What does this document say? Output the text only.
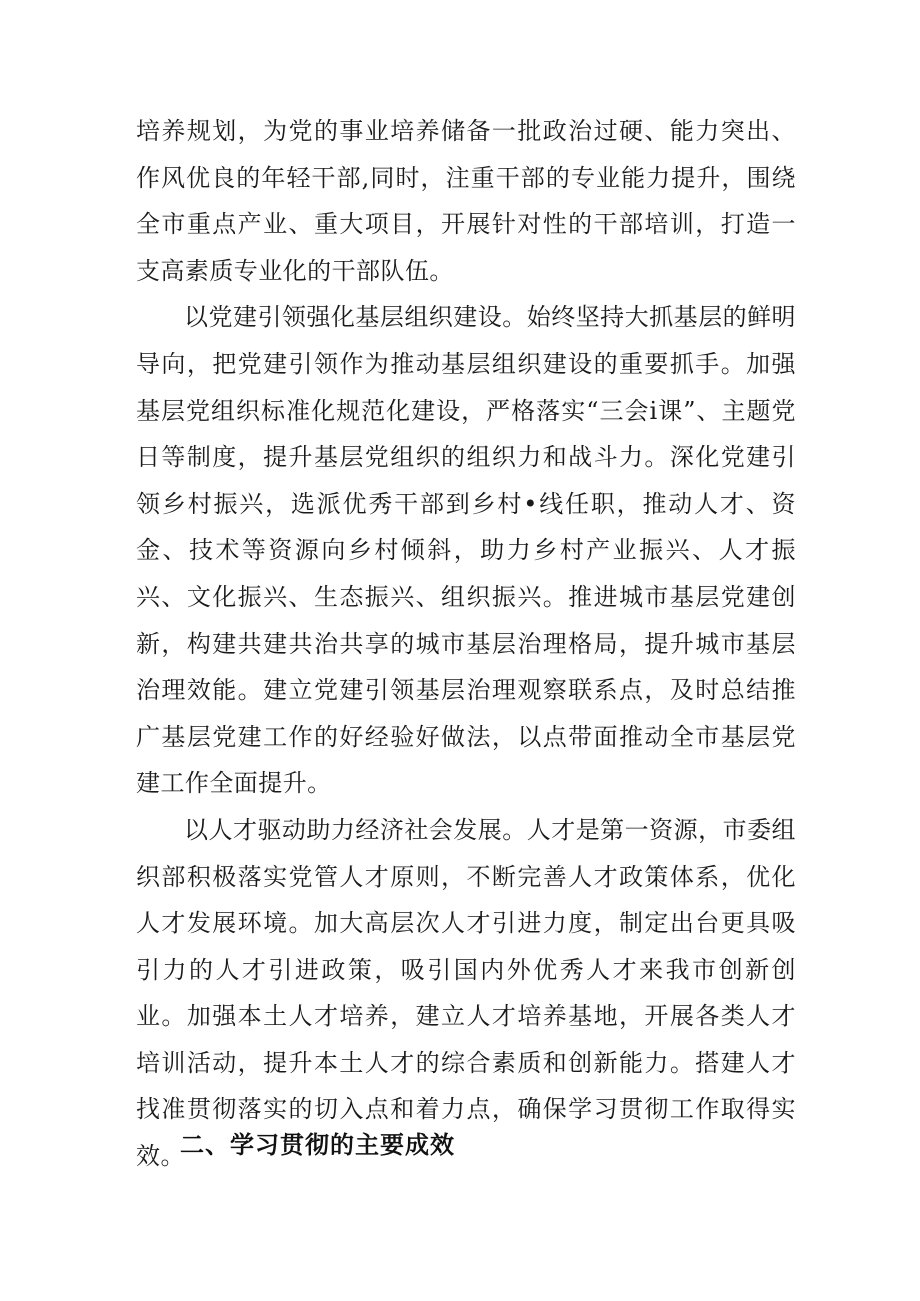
培养规划，为党的事业培养储备一批政治过硬、能力突出、作风优良的年轻干部,同时，注重干部的专业能力提升，围绕全市重点产业、重大项目，开展针对性的干部培训，打造一支高素质专业化的干部队伍。

以党建引领强化基层组织建设。始终坚持大抓基层的鲜明导向，把党建引领作为推动基层组织建设的重要抓手。加强基层党组织标准化规范化建设，严格落实“三会i课”、主题党日等制度，提升基层党组织的组织力和战斗力。深化党建引领乡村振兴，选派优秀干部到乡村•线任职，推动人才、资金、技术等资源向乡村倾斜，助力乡村产业振兴、人才振兴、文化振兴、生态振兴、组织振兴。推进城市基层党建创新，构建共建共治共享的城市基层治理格局，提升城市基层治理效能。建立党建引领基层治理观察联系点，及时总结推广基层党建工作的好经验好做法，以点带面推动全市基层党建工作全面提升。

以人才驱动助力经济社会发展。人才是第一资源，市委组织部积极落实党管人才原则，不断完善人才政策体系，优化人才发展环境。加大高层次人才引进力度，制定出台更具吸引力的人才引进政策，吸引国内外优秀人才来我市创新创业。加强本土人才培养，建立人才培养基地，开展各类人才培训活动，提升本土人才的综合素质和创新能力。搭建人才找准贯彻落实的切入点和着力点，确保学习贯彻工作取得实效。

二、学习贯彻的主要成效
